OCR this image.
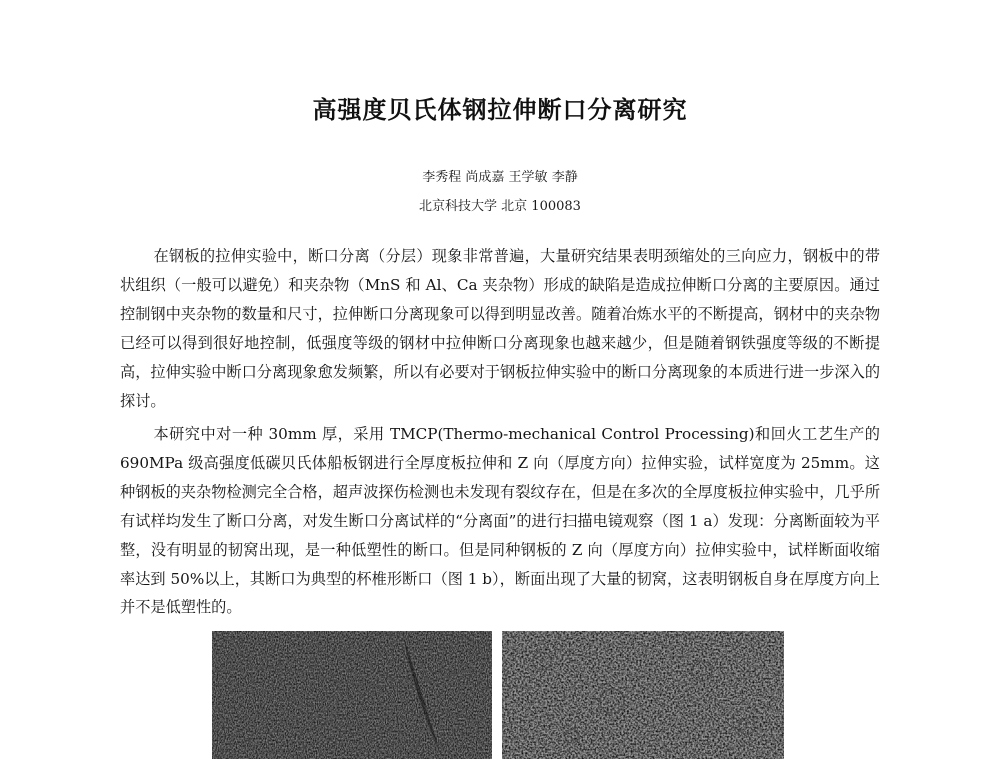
高强度贝氏体钢拉伸断口分离研究
李秀程 尚成嘉 王学敏 李静
北京科技大学 北京 100083

在钢板的拉伸实验中，断口分离（分层）现象非常普遍，大量研究结果表明颈缩处的三向应力，钢板中的带状组织（一般可以避免）和夹杂物（MnS 和 Al、Ca 夹杂物）形成的缺陷是造成拉伸断口分离的主要原因。通过控制钢中夹杂物的数量和尺寸，拉伸断口分离现象可以得到明显改善。随着冶炼水平的不断提高，钢材中的夹杂物已经可以得到很好地控制，低强度等级的钢材中拉伸断口分离现象也越来越少，但是随着钢铁强度等级的不断提高，拉伸实验中断口分离现象愈发频繁，所以有必要对于钢板拉伸实验中的断口分离现象的本质进行进一步深入的探讨。

本研究中对一种 30mm 厚，采用 TMCP(Thermo-mechanical Control Processing)和回火工艺生产的 690MPa 级高强度低碳贝氏体船板钢进行全厚度板拉伸和 Z 向（厚度方向）拉伸实验，试样宽度为 25mm。这种钢板的夹杂物检测完全合格，超声波探伤检测也未发现有裂纹存在，但是在多次的全厚度板拉伸实验中，几乎所有试样均发生了断口分离，对发生断口分离试样的“分离面”的进行扫描电镜观察（图 1 a）发现：分离断面较为平整，没有明显的韧窝出现，是一种低塑性的断口。但是同种钢板的 Z 向（厚度方向）拉伸实验中，试样断面收缩率达到 50%以上，其断口为典型的杯椎形断口（图 1 b），断面出现了大量的韧窝，这表明钢板自身在厚度方向上并不是低塑性的。
